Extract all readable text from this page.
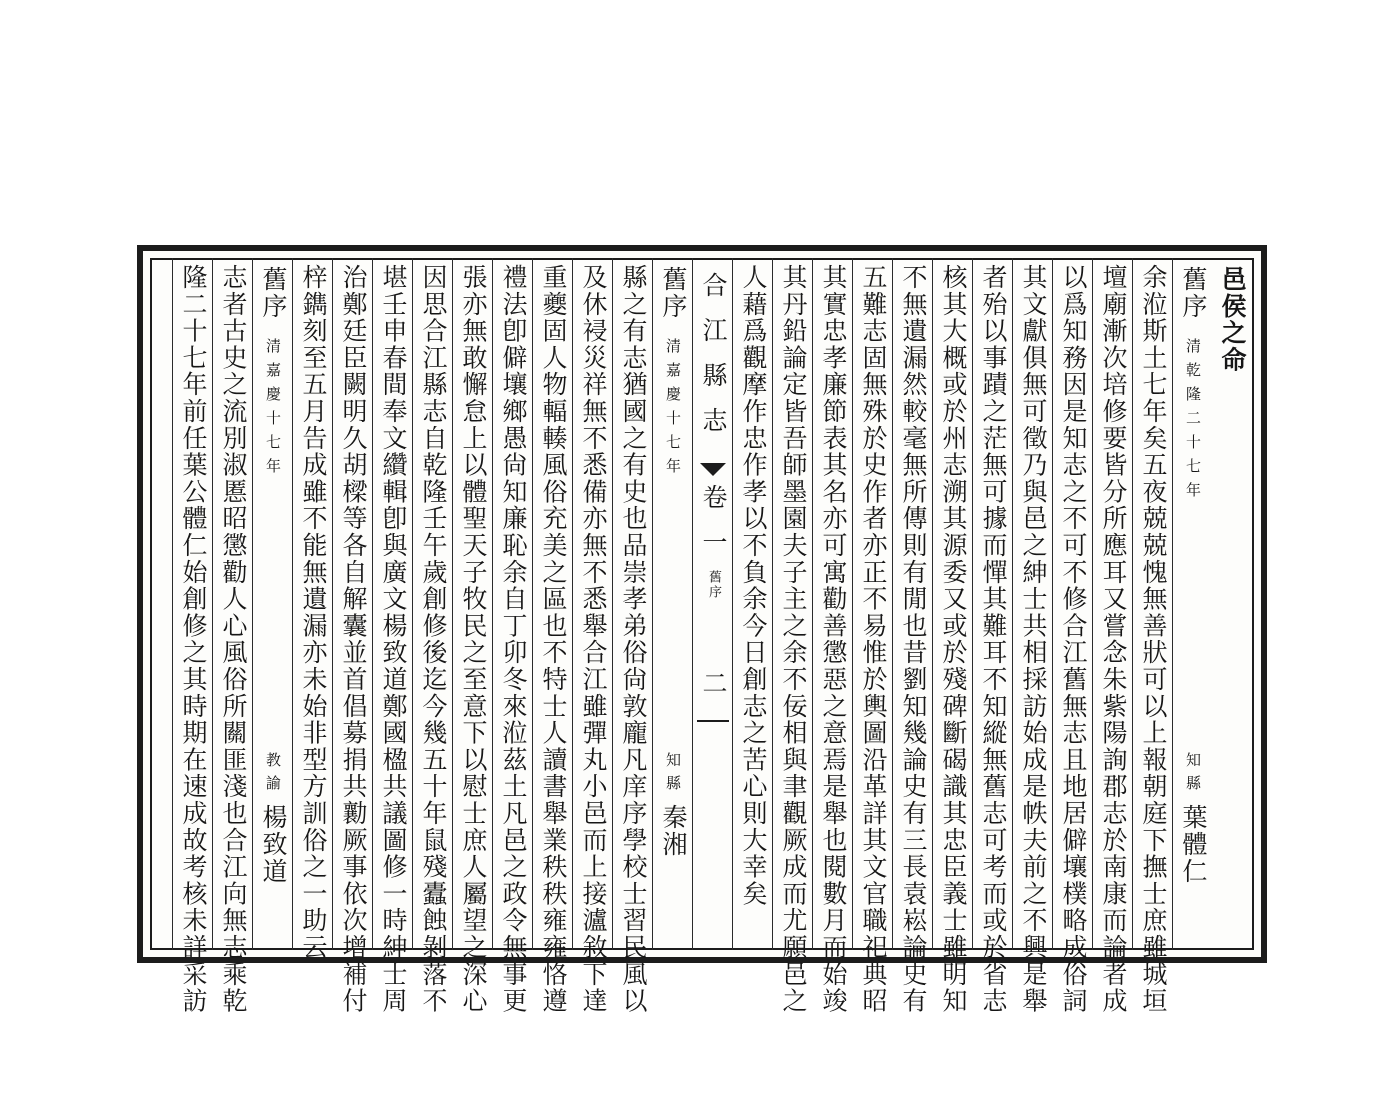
邑侯之命
舊序
清乾隆二十七年
知縣
葉體仁
余涖斯土七年矣五夜兢兢愧無善狀可以上報朝庭下撫士庶雖城垣
壇廟漸次培修要皆分所應耳又嘗念朱紫陽詢郡志於南康而論者成
以爲知務因是知志之不可不修合江舊無志且地居僻壤樸略成俗詞
其文獻俱無可徵乃與邑之紳士共相採訪始成是帙夫前之不興是舉
者殆以事蹟之茫無可據而憚其難耳不知縱無舊志可考而或於省志
核其大概或於州志溯其源委又或於殘碑斷碣識其忠臣義士雖明知
不無遺漏然較毫無所傳則有閒也昔劉知幾論史有三長袁崧論史有
五難志固無殊於史作者亦正不易惟於輿圖沿革詳其文官職祀典昭
其實忠孝廉節表其名亦可寓勸善懲惡之意焉是舉也閱數月而始竣
其丹鉛論定皆吾師墨園夫子主之余不佞相與聿觀厥成而尤願邑之
人藉爲觀摩作忠作孝以不負余今日創志之苦心則大幸矣
合江縣志
卷一
舊序
二
舊序
清嘉慶十七年
知縣
秦湘
縣之有志猶國之有史也品崇孝弟俗尙敦龐凡庠序學校士習民風以
及休祲災祥無不悉備亦無不悉舉合江雖彈丸小邑而上接瀘敘下達
重夔固人物輻輳風俗充美之區也不特士人讀書舉業秩秩雍雍恪遵
禮法卽僻壤鄉愚尙知廉恥余自丁卯冬來涖茲土凡邑之政令無事更
張亦無敢懈怠上以體聖天子牧民之至意下以慰士庶人屬望之深心
因思合江縣志自乾隆壬午歲創修後迄今幾五十年鼠殘蠹蝕剝落不
堪壬申春間奉文纘輯卽與廣文楊致道鄭國楹共議圖修一時紳士周
治鄭廷臣闕明久胡樑等各自解囊並首倡募捐共勷厥事依次增補付
梓鐫刻至五月告成雖不能無遺漏亦未始非型方訓俗之一助云
舊序
清嘉慶十七年
教諭
楊致道
志者古史之流別淑慝昭懲勸人心風俗所關匪淺也合江向無志乘乾
隆二十七年前任葉公體仁始創修之其時期在速成故考核未詳采訪
